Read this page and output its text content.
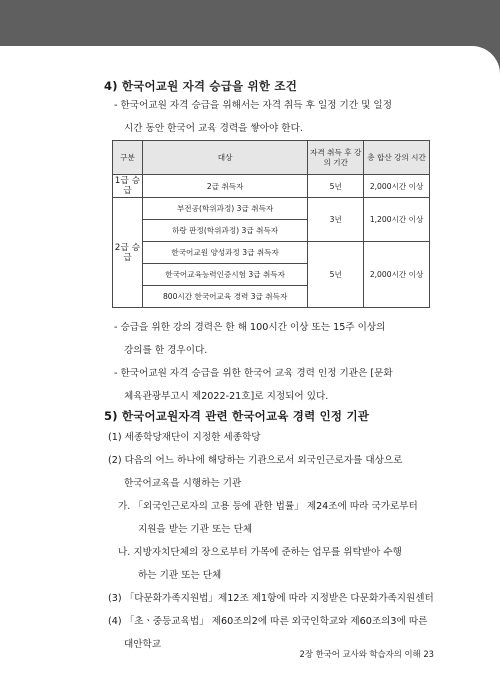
4) 한국어교원 자격 승급을 위한 조건
- 한국어교원 자격 승급을 위해서는 자격 취득 후 일정 기간 및 일정
시간 동안 한국어 교육 경력을 쌓아야 한다.
구분	대상	자격 취득 후 강의 기간	총 합산 강의 시간
1급 승급	2급 취득자	5년	2,000시간 이상
2급 승급	부전공(학위과정) 3급 취득자	3년	1,200시간 이상
	하랑 판정(학위과정) 3급 취득자		
	한국어교원 양성과정 3급 취득자	5년	2,000시간 이상
	한국어교육능력인증시험 3급 취득자		
	800시간 한국어교육 경력 3급 취득자		
- 승급을 위한 강의 경력은 한 해 100시간 이상 또는 15주 이상의
강의를 한 경우이다.
- 한국어교원 자격 승급을 위한 한국어 교육 경력 인정 기관은 [문화
체육관광부고시 제2022-21호]로 지정되어 있다.
5) 한국어교원자격 관련 한국어교육 경력 인정 기관
(1) 세종학당재단이 지정한 세종학당
(2) 다음의 어느 하나에 해당하는 기관으로서 외국인근로자를 대상으로
한국어교육을 시행하는 기관
가. 「외국인근로자의 고용 등에 관한 법률」 제24조에 따라 국가로부터
지원을 받는 기관 또는 단체
나. 지방자치단체의 장으로부터 가목에 준하는 업무를 위탁받아 수행
하는 기관 또는 단체
(3) 「다문화가족지원법」제12조 제1항에 따라 지정받은 다문화가족지원센터
(4) 「초ㆍ중등교육법」 제60조의2에 따른 외국인학교와 제60조의3에 따른
대안학교
2장 한국어 교사와 학습자의 이해 23
